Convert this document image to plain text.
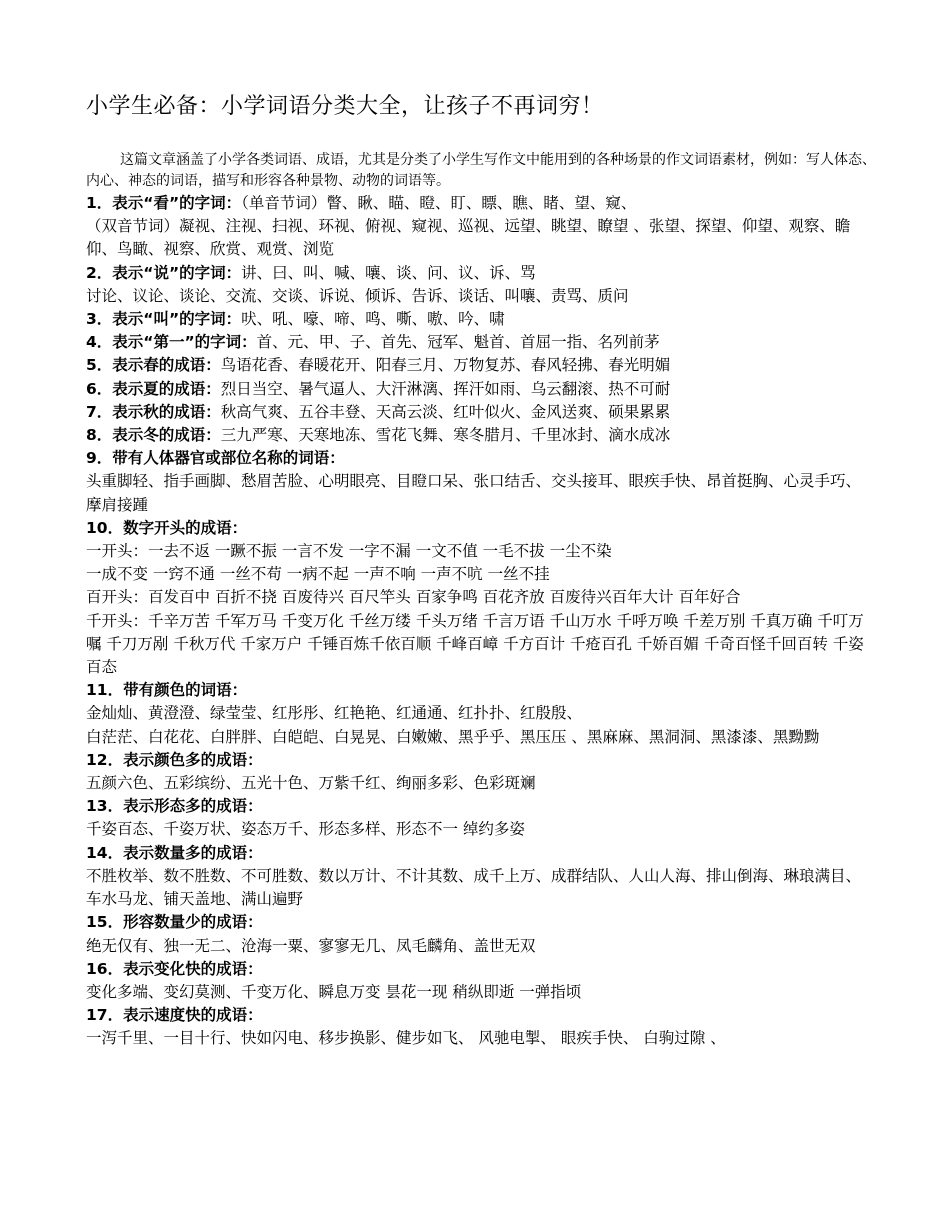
小学生必备：小学词语分类大全，让孩子不再词穷！

这篇文章涵盖了小学各类词语、成语，尤其是分类了小学生写作文中能用到的各种场景的作文词语素材，例如：写人体态、内心、神态的词语，描写和形容各种景物、动物的词语等。

1．表示“看”的字词：（单音节词）瞥、瞅、瞄、瞪、盯、瞟、瞧、睹、望、窥、

（双音节词）凝视、注视、扫视、环视、俯视、窥视、巡视、远望、眺望、瞭望 、张望、探望、仰望、观察、瞻仰、鸟瞰、视察、欣赏、观赏、浏览

2．表示“说”的字词：讲、曰、叫、喊、嚷、谈、问、议、诉、骂

讨论、议论、谈论、交流、交谈、诉说、倾诉、告诉、谈话、叫嚷、责骂、质问

3．表示“叫”的字词：吠、吼、嚎、啼、鸣、嘶、嗷、吟、啸

4．表示“第一”的字词：首、元、甲、子、首先、冠军、魁首、首屈一指、名列前茅

5．表示春的成语：鸟语花香、春暖花开、阳春三月、万物复苏、春风轻拂、春光明媚

6．表示夏的成语：烈日当空、暑气逼人、大汗淋漓、挥汗如雨、乌云翻滚、热不可耐

7．表示秋的成语：秋高气爽、五谷丰登、天高云淡、红叶似火、金风送爽、硕果累累

8．表示冬的成语：三九严寒、天寒地冻、雪花飞舞、寒冬腊月、千里冰封、滴水成冰

9．带有人体器官或部位名称的词语：

头重脚轻、指手画脚、愁眉苦脸、心明眼亮、目瞪口呆、张口结舌、交头接耳、眼疾手快、昂首挺胸、心灵手巧、摩肩接踵

10．数字开头的成语：

一开头：一去不返 一蹶不振 一言不发 一字不漏 一文不值 一毛不拔 一尘不染

一成不变 一窍不通 一丝不苟 一病不起 一声不响 一声不吭 一丝不挂

百开头：百发百中 百折不挠 百废待兴 百尺竿头 百家争鸣 百花齐放 百废待兴百年大计 百年好合

千开头：千辛万苦 千军万马 千变万化 千丝万缕 千头万绪 千言万语 千山万水 千呼万唤 千差万别 千真万确 千叮万嘱 千刀万剐 千秋万代 千家万户 千锤百炼千依百顺 千峰百嶂 千方百计 千疮百孔 千娇百媚 千奇百怪千回百转 千姿百态

11．带有颜色的词语：

金灿灿、黄澄澄、绿莹莹、红彤彤、红艳艳、红通通、红扑扑、红殷殷、

白茫茫、白花花、白胖胖、白皑皑、白晃晃、白嫩嫩、黑乎乎、黑压压 、黑麻麻、黑洞洞、黑漆漆、黑黝黝

12．表示颜色多的成语：

五颜六色、五彩缤纷、五光十色、万紫千红、绚丽多彩、色彩斑斓

13．表示形态多的成语：

千姿百态、千姿万状、姿态万千、形态多样、形态不一 绰约多姿

14．表示数量多的成语：

不胜枚举、数不胜数、不可胜数、数以万计、不计其数、成千上万、成群结队、人山人海、排山倒海、琳琅满目、车水马龙、铺天盖地、满山遍野

15．形容数量少的成语：

绝无仅有、独一无二、沧海一粟、寥寥无几、凤毛麟角、盖世无双

16．表示变化快的成语：

变化多端、变幻莫测、千变万化、瞬息万变 昙花一现 稍纵即逝 一弹指顷

17．表示速度快的成语：

一泻千里、一目十行、快如闪电、移步换影、健步如飞、 风驰电掣、 眼疾手快、 白驹过隙 、
